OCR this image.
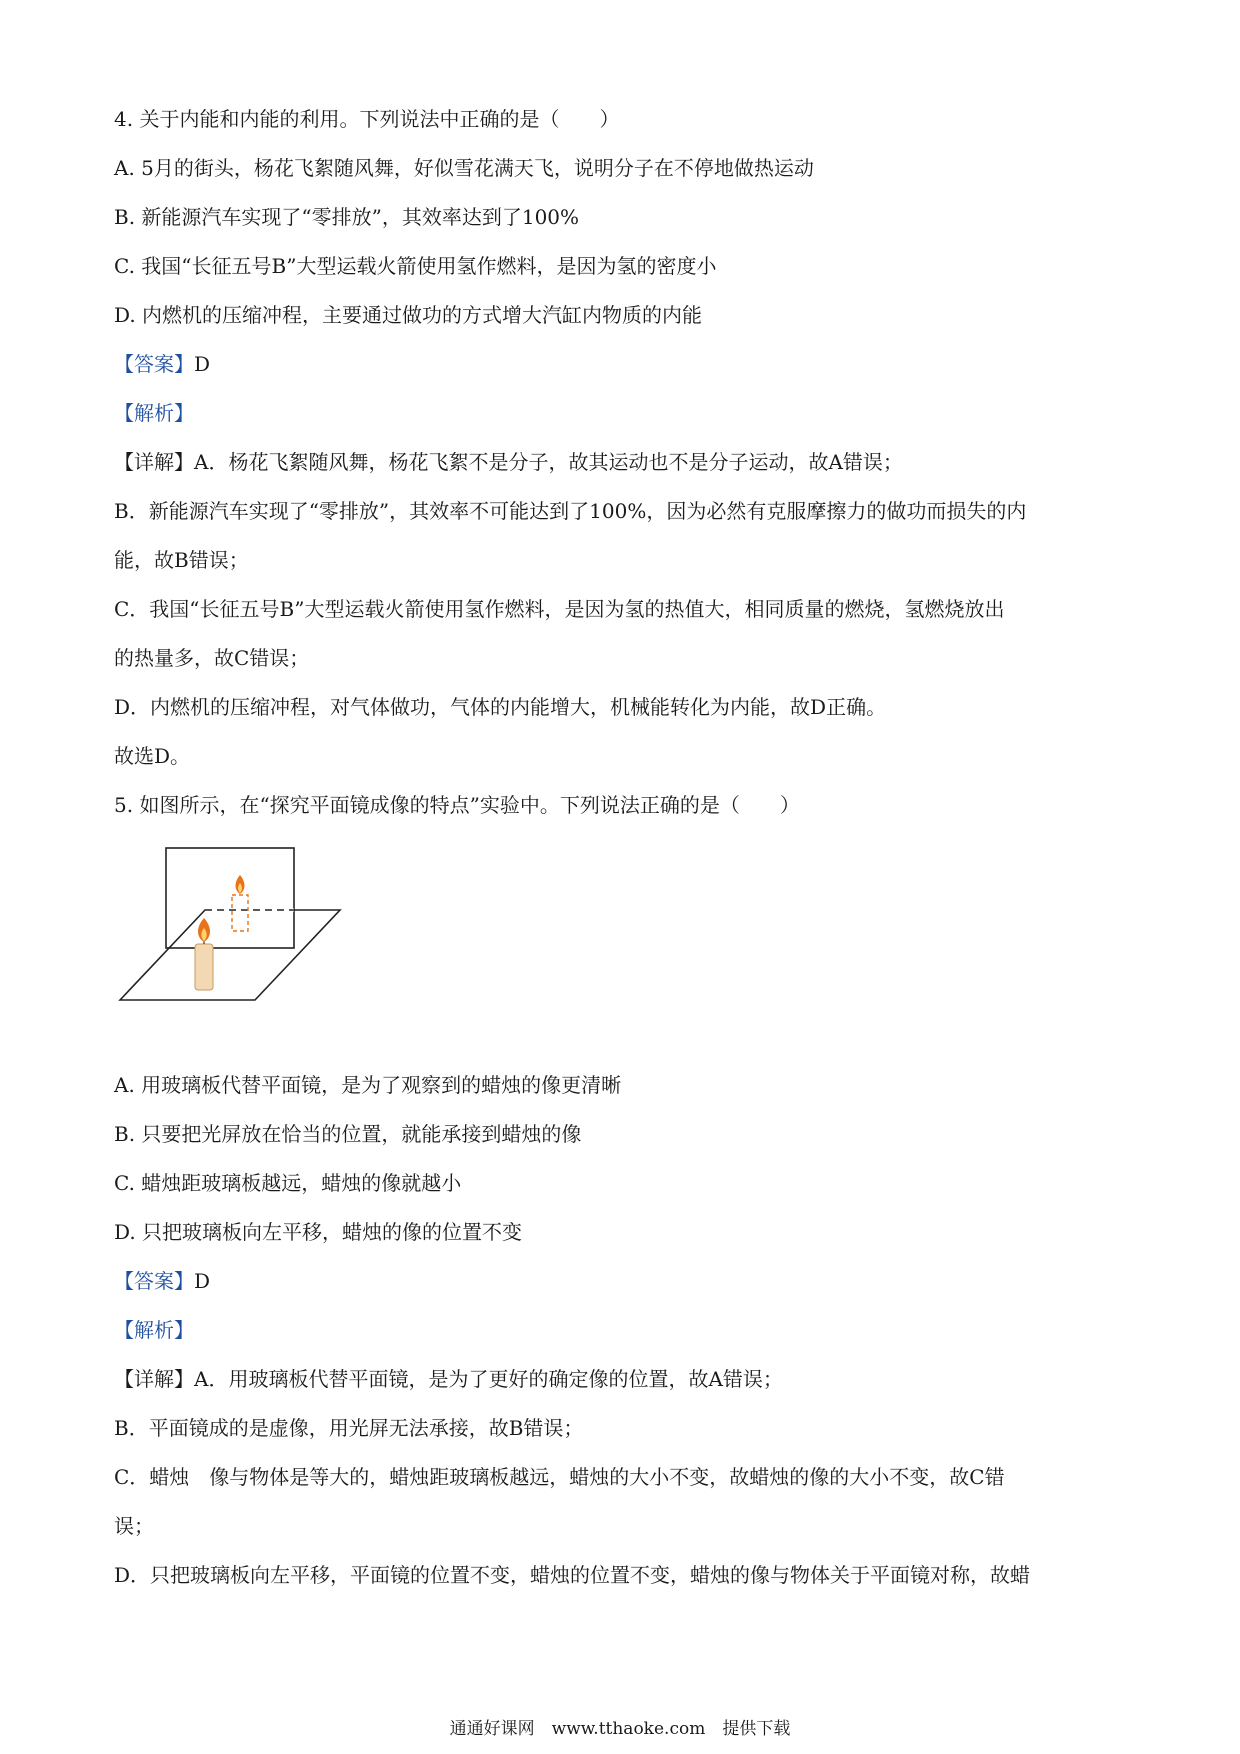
4. 关于内能和内能的利用。下列说法中正确的是（　　）
A. 5月的街头，杨花飞絮随风舞，好似雪花满天飞，说明分子在不停地做热运动
B. 新能源汽车实现了“零排放”，其效率达到了100%
C. 我国“长征五号B”大型运载火箭使用氢作燃料，是因为氢的密度小
D. 内燃机的压缩冲程，主要通过做功的方式增大汽缸内物质的内能
【答案】D
【解析】
【详解】A．杨花飞絮随风舞，杨花飞絮不是分子，故其运动也不是分子运动，故A错误；
B．新能源汽车实现了“零排放”，其效率不可能达到了100%，因为必然有克服摩擦力的做功而损失的内
能，故B错误；
C．我国“长征五号B”大型运载火箭使用氢作燃料，是因为氢的热值大，相同质量的燃烧，氢燃烧放出
的热量多，故C错误；
D．内燃机的压缩冲程，对气体做功，气体的内能增大，机械能转化为内能，故D正确。
故选D。
5. 如图所示，在“探究平面镜成像的特点”实验中。下列说法正确的是（　　）
A. 用玻璃板代替平面镜，是为了观察到的蜡烛的像更清晰
B. 只要把光屏放在恰当的位置，就能承接到蜡烛的像
C. 蜡烛距玻璃板越远，蜡烛的像就越小
D. 只把玻璃板向左平移，蜡烛的像的位置不变
【答案】D
【解析】
【详解】A．用玻璃板代替平面镜，是为了更好的确定像的位置，故A错误；
B．平面镜成的是虚像，用光屏无法承接，故B错误；
C．蜡烛　像与物体是等大的，蜡烛距玻璃板越远，蜡烛的大小不变，故蜡烛的像的大小不变，故C错
误；
D．只把玻璃板向左平移，平面镜的位置不变，蜡烛的位置不变，蜡烛的像与物体关于平面镜对称，故蜡
通通好课网　www.tthaoke.com　提供下载
